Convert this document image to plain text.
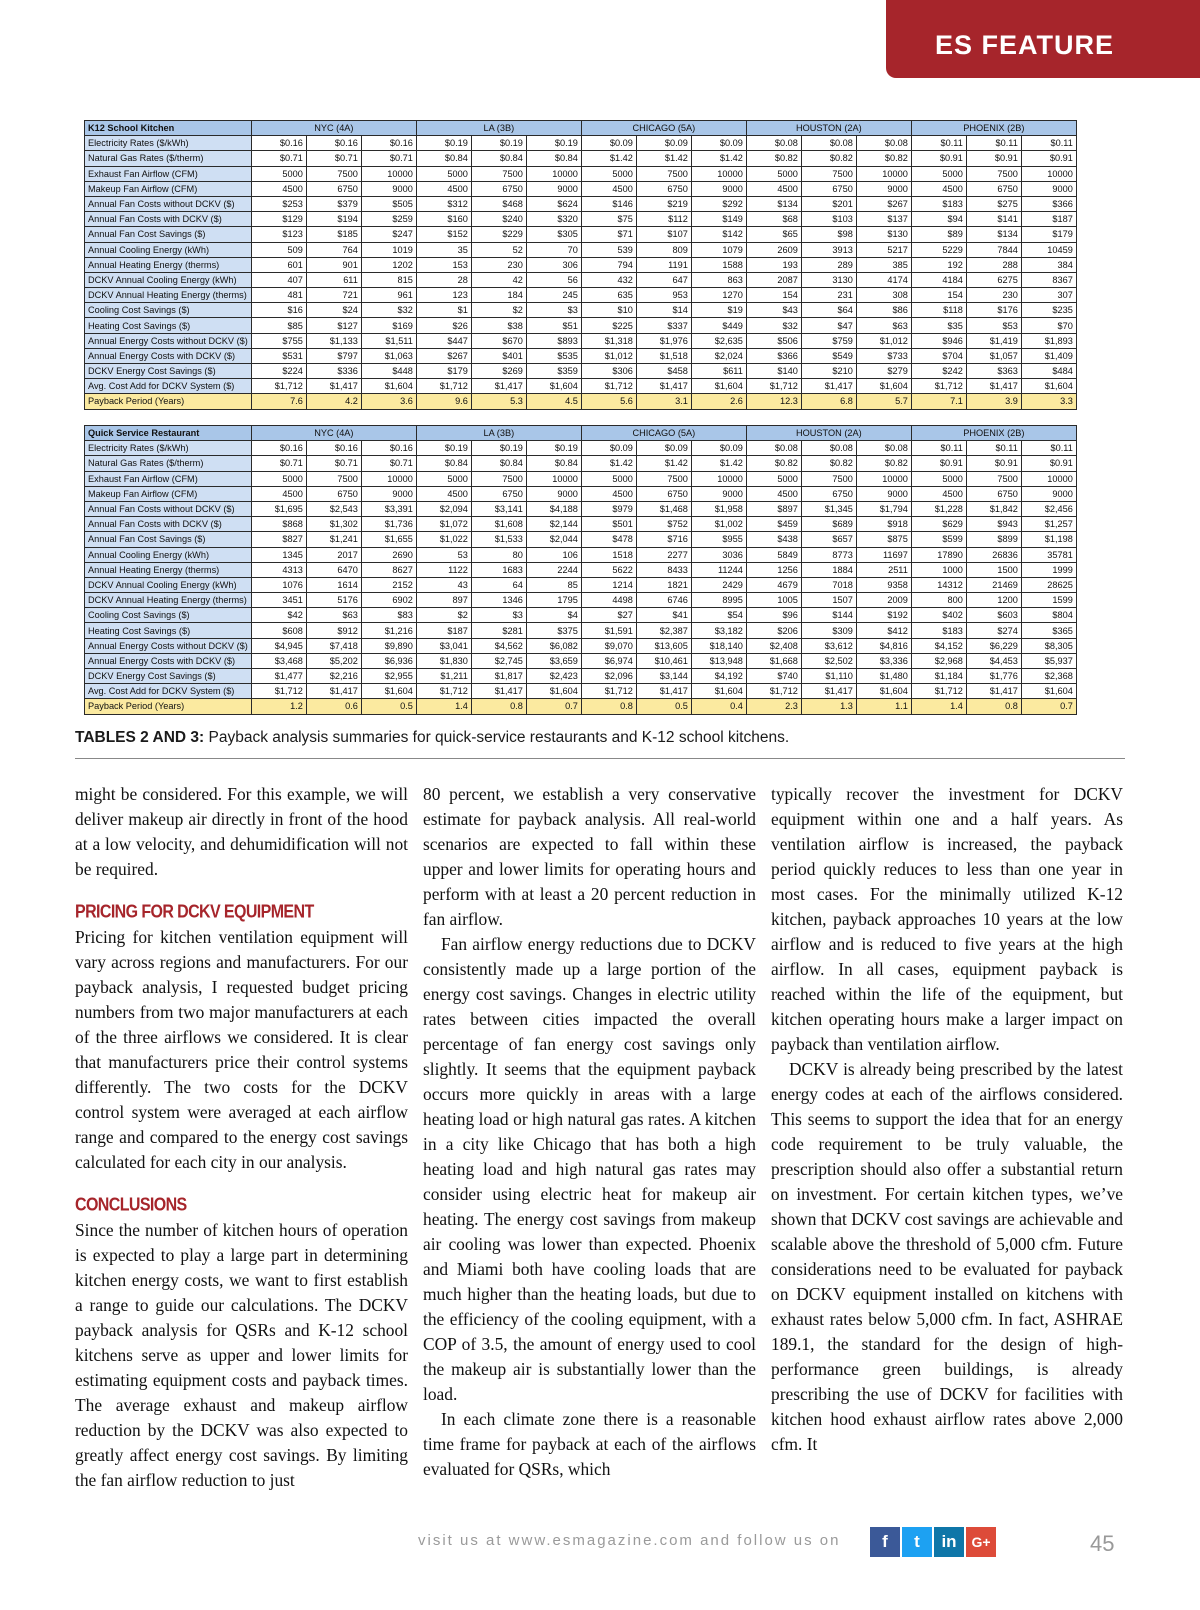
ES FEATURE
K12 School Kitchen	NYC (4A)			LA (3B)			CHICAGO (5A)			HOUSTON (2A)			PHOENIX (2B)		
Electricity Rates ($/kWh)	$0.16	$0.16	$0.16	$0.19	$0.19	$0.19	$0.09	$0.09	$0.09	$0.08	$0.08	$0.08	$0.11	$0.11	$0.11
Natural Gas Rates ($/therm)	$0.71	$0.71	$0.71	$0.84	$0.84	$0.84	$1.42	$1.42	$1.42	$0.82	$0.82	$0.82	$0.91	$0.91	$0.91
Exhaust Fan Airflow (CFM)	5000	7500	10000	5000	7500	10000	5000	7500	10000	5000	7500	10000	5000	7500	10000
Makeup Fan Airflow (CFM)	4500	6750	9000	4500	6750	9000	4500	6750	9000	4500	6750	9000	4500	6750	9000
Annual Fan Costs without DCKV ($)	$253	$379	$505	$312	$468	$624	$146	$219	$292	$134	$201	$267	$183	$275	$366
Annual Fan Costs with DCKV ($)	$129	$194	$259	$160	$240	$320	$75	$112	$149	$68	$103	$137	$94	$141	$187
Annual Fan Cost Savings ($)	$123	$185	$247	$152	$229	$305	$71	$107	$142	$65	$98	$130	$89	$134	$179
Annual Cooling Energy (kWh)	509	764	1019	35	52	70	539	809	1079	2609	3913	5217	5229	7844	10459
Annual Heating Energy (therms)	601	901	1202	153	230	306	794	1191	1588	193	289	385	192	288	384
DCKV Annual Cooling Energy (kWh)	407	611	815	28	42	56	432	647	863	2087	3130	4174	4184	6275	8367
DCKV Annual Heating Energy (therms)	481	721	961	123	184	245	635	953	1270	154	231	308	154	230	307
Cooling Cost Savings ($)	$16	$24	$32	$1	$2	$3	$10	$14	$19	$43	$64	$86	$118	$176	$235
Heating Cost Savings ($)	$85	$127	$169	$26	$38	$51	$225	$337	$449	$32	$47	$63	$35	$53	$70
Annual Energy Costs without DCKV ($)	$755	$1,133	$1,511	$447	$670	$893	$1,318	$1,976	$2,635	$506	$759	$1,012	$946	$1,419	$1,893
Annual Energy Costs with DCKV ($)	$531	$797	$1,063	$267	$401	$535	$1,012	$1,518	$2,024	$366	$549	$733	$704	$1,057	$1,409
DCKV Energy Cost Savings ($)	$224	$336	$448	$179	$269	$359	$306	$458	$611	$140	$210	$279	$242	$363	$484
Avg. Cost Add for DCKV System ($)	$1,712	$1,417	$1,604	$1,712	$1,417	$1,604	$1,712	$1,417	$1,604	$1,712	$1,417	$1,604	$1,712	$1,417	$1,604
Payback Period (Years)	7.6	4.2	3.6	9.6	5.3	4.5	5.6	3.1	2.6	12.3	6.8	5.7	7.1	3.9	3.3
Quick Service Restaurant	NYC (4A)			LA (3B)			CHICAGO (5A)			HOUSTON (2A)			PHOENIX (2B)		
Electricity Rates ($/kWh)	$0.16	$0.16	$0.16	$0.19	$0.19	$0.19	$0.09	$0.09	$0.09	$0.08	$0.08	$0.08	$0.11	$0.11	$0.11
Natural Gas Rates ($/therm)	$0.71	$0.71	$0.71	$0.84	$0.84	$0.84	$1.42	$1.42	$1.42	$0.82	$0.82	$0.82	$0.91	$0.91	$0.91
Exhaust Fan Airflow (CFM)	5000	7500	10000	5000	7500	10000	5000	7500	10000	5000	7500	10000	5000	7500	10000
Makeup Fan Airflow (CFM)	4500	6750	9000	4500	6750	9000	4500	6750	9000	4500	6750	9000	4500	6750	9000
Annual Fan Costs without DCKV ($)	$1,695	$2,543	$3,391	$2,094	$3,141	$4,188	$979	$1,468	$1,958	$897	$1,345	$1,794	$1,228	$1,842	$2,456
Annual Fan Costs with DCKV ($)	$868	$1,302	$1,736	$1,072	$1,608	$2,144	$501	$752	$1,002	$459	$689	$918	$629	$943	$1,257
Annual Fan Cost Savings ($)	$827	$1,241	$1,655	$1,022	$1,533	$2,044	$478	$716	$955	$438	$657	$875	$599	$899	$1,198
Annual Cooling Energy (kWh)	1345	2017	2690	53	80	106	1518	2277	3036	5849	8773	11697	17890	26836	35781
Annual Heating Energy (therms)	4313	6470	8627	1122	1683	2244	5622	8433	11244	1256	1884	2511	1000	1500	1999
DCKV Annual Cooling Energy (kWh)	1076	1614	2152	43	64	85	1214	1821	2429	4679	7018	9358	14312	21469	28625
DCKV Annual Heating Energy (therms)	3451	5176	6902	897	1346	1795	4498	6746	8995	1005	1507	2009	800	1200	1599
Cooling Cost Savings ($)	$42	$63	$83	$2	$3	$4	$27	$41	$54	$96	$144	$192	$402	$603	$804
Heating Cost Savings ($)	$608	$912	$1,216	$187	$281	$375	$1,591	$2,387	$3,182	$206	$309	$412	$183	$274	$365
Annual Energy Costs without DCKV ($)	$4,945	$7,418	$9,890	$3,041	$4,562	$6,082	$9,070	$13,605	$18,140	$2,408	$3,612	$4,816	$4,152	$6,229	$8,305
Annual Energy Costs with DCKV ($)	$3,468	$5,202	$6,936	$1,830	$2,745	$3,659	$6,974	$10,461	$13,948	$1,668	$2,502	$3,336	$2,968	$4,453	$5,937
DCKV Energy Cost Savings ($)	$1,477	$2,216	$2,955	$1,211	$1,817	$2,423	$2,096	$3,144	$4,192	$740	$1,110	$1,480	$1,184	$1,776	$2,368
Avg. Cost Add for DCKV System ($)	$1,712	$1,417	$1,604	$1,712	$1,417	$1,604	$1,712	$1,417	$1,604	$1,712	$1,417	$1,604	$1,712	$1,417	$1,604
Payback Period (Years)	1.2	0.6	0.5	1.4	0.8	0.7	0.8	0.5	0.4	2.3	1.3	1.1	1.4	0.8	0.7
TABLES 2 AND 3: Payback analysis summaries for quick-service restaurants and K-12 school kitchens.

might be considered. For this example, we will deliver makeup air directly in front of the hood at a low velocity, and dehumidification will not be required.

PRICING FOR DCKV EQUIPMENT

Pricing for kitchen ventilation equipment will vary across regions and manufacturers. For our payback analysis, I requested budget pricing numbers from two major manufacturers at each of the three airflows we considered. It is clear that manufacturers price their control systems differently. The two costs for the DCKV control system were averaged at each airflow range and compared to the energy cost savings calculated for each city in our analysis.

CONCLUSIONS

Since the number of kitchen hours of operation is expected to play a large part in determining kitchen energy costs, we want to first establish a range to guide our calculations. The DCKV payback analysis for QSRs and K-12 school kitchens serve as upper and lower limits for estimating equipment costs and payback times. The average exhaust and makeup airflow reduction by the DCKV was also expected to greatly affect energy cost savings. By limiting the fan airflow reduction to just

80 percent, we establish a very conservative estimate for payback analysis. All real-world scenarios are expected to fall within these upper and lower limits for operating hours and perform with at least a 20 percent reduction in fan airflow.

Fan airflow energy reductions due to DCKV consistently made up a large portion of the energy cost savings. Changes in electric utility rates between cities impacted the overall percentage of fan energy cost savings only slightly. It seems that the equipment payback occurs more quickly in areas with a large heating load or high natural gas rates. A kitchen in a city like Chicago that has both a high heating load and high natural gas rates may consider using electric heat for makeup air heating. The energy cost savings from makeup air cooling was lower than expected. Phoenix and Miami both have cooling loads that are much higher than the heating loads, but due to the efficiency of the cooling equipment, with a COP of 3.5, the amount of energy used to cool the makeup air is substantially lower than the load.

In each climate zone there is a reasonable time frame for payback at each of the airflows evaluated for QSRs, which

typically recover the investment for DCKV equipment within one and a half years. As ventilation airflow is increased, the payback period quickly reduces to less than one year in most cases. For the minimally utilized K-12 kitchen, payback approaches 10 years at the low airflow and is reduced to five years at the high airflow. In all cases, equipment payback is reached within the life of the equipment, but kitchen operating hours make a larger impact on payback than ventilation airflow.

DCKV is already being prescribed by the latest energy codes at each of the airflows considered. This seems to support the idea that for an energy code requirement to be truly valuable, the prescription should also offer a substantial return on investment. For certain kitchen types, we’ve shown that DCKV cost savings are achievable and scalable above the threshold of 5,000 cfm. Future considerations need to be evaluated for payback on DCKV equipment installed on kitchens with exhaust rates below 5,000 cfm. In fact, ASHRAE 189.1, the standard for the design of high-performance green buildings, is already prescribing the use of DCKV for facilities with kitchen hood exhaust airflow rates above 2,000 cfm. It

visit us at www.esmagazine.com and follow us on	f	t	in	G+	45
